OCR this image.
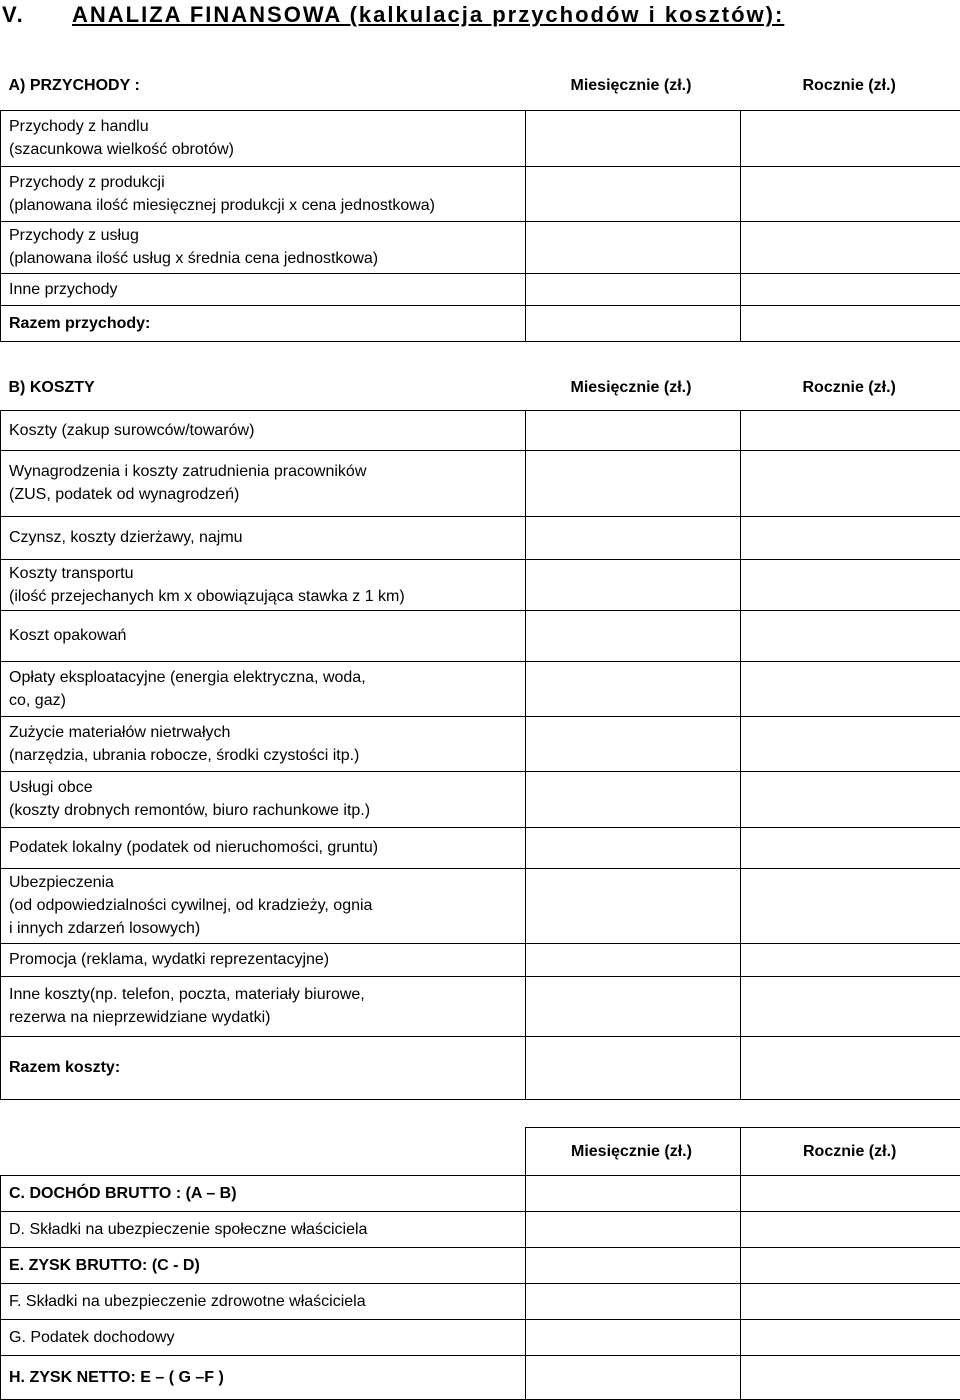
V. ANALIZA FINANSOWA (kalkulacja przychodów i kosztów):
A) PRZYCHODY :	Miesięcznie (zł.)	Rocznie (zł.)
Przychody z handlu
(szacunkowa wielkość obrotów)		
Przychody z produkcji
(planowana ilość miesięcznej produkcji x cena jednostkowa)		
Przychody z usług
(planowana ilość usług x średnia cena jednostkowa)		
Inne przychody		
Razem przychody:		
B) KOSZTY	Miesięcznie (zł.)	Rocznie (zł.)
Koszty (zakup surowców/towarów)		
Wynagrodzenia i koszty zatrudnienia pracowników
(ZUS, podatek od wynagrodzeń)		
Czynsz, koszty dzierżawy, najmu		
Koszty transportu
(ilość przejechanych km x obowiązująca stawka z 1 km)		
Koszt opakowań		
Opłaty eksploatacyjne (energia elektryczna, woda,
co, gaz)		
Zużycie materiałów nietrwałych
(narzędzia, ubrania robocze, środki czystości itp.)		
Usługi obce
(koszty drobnych remontów, biuro rachunkowe itp.)		
Podatek lokalny (podatek od nieruchomości, gruntu)		
Ubezpieczenia
(od odpowiedzialności cywilnej, od kradzieży, ognia
i innych zdarzeń losowych)		
Promocja (reklama, wydatki reprezentacyjne)		
Inne koszty(np. telefon, poczta, materiały biurowe,
rezerwa na nieprzewidziane wydatki)		
Razem koszty:		
	Miesięcznie (zł.)	Rocznie (zł.)
C. DOCHÓD BRUTTO : (A – B)		
D. Składki na ubezpieczenie społeczne właściciela		
E. ZYSK BRUTTO: (C - D)		
F. Składki na ubezpieczenie zdrowotne właściciela		
G. Podatek dochodowy		
H. ZYSK NETTO: E – ( G –F )		
